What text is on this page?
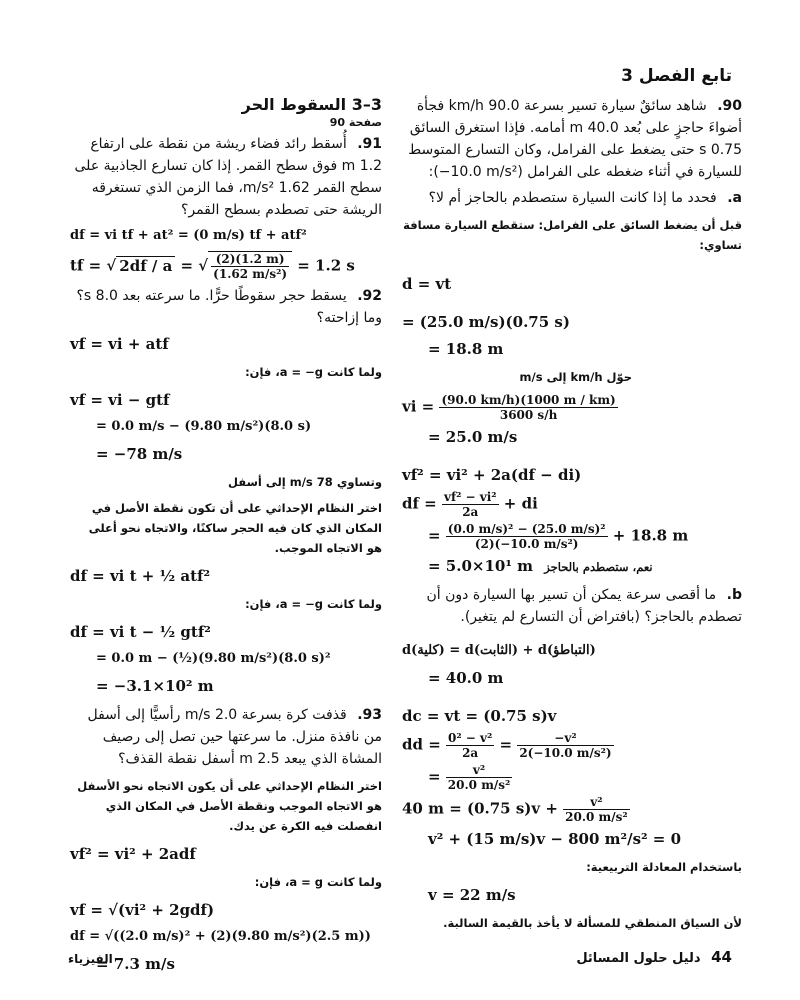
تابع الفصل 3
90. شاهد سائقٌ سيارة تسير بسرعة 90.0 km/h فجأة أضواءَ حاجزٍ على بُعد 40.0 m أمامه. فإذا استغرق السائق 0.75 s حتى يضغط على الفرامل، وكان التسارع المتوسط للسيارة في أثناء ضغطه على الفرامل ‎(−10.0 m/s²)‎:
a. فحدد ما إذا كانت السيارة ستصطدم بالحاجز أم لا؟
قبل أن يضغط السائق على الفرامل: ستقطع السيارة مسافة تساوي:
d = vt
= (25.0 m/s)(0.75 s)
= 18.8 m
حوّل km/h إلى m/s
vi = $\frac{(90.0 km/h)(1000 m / km)}{3600 s/h}$
= 25.0 m/s
vf² = vi² + 2a(df − di)
df = $\frac{\text{vf² − vi²}}{2a}$ + di
= $\frac{\text{(0.0 m/s)² − (25.0 m/s)²}}{\text{(2)(−10.0 m/s²)}} + 18.8$ m
= 5.0×10¹ m نعم، ستصطدم بالحاجز
b. ما أقصى سرعة يمكن أن تسير بها السيارة دون أن تصطدم بالحاجز؟ (بافتراض أن التسارع لم يتغير).
d(كلية) = d(الثابت) + d(التباطؤ)
= 40.0 m
dc = vt = (0.75 s)v
dd = $\frac{\text{0² − v²}}{2a} = \frac{\text{−v²}}{\text{2(−10.0 m/s²)}}$
= $\frac{\text{v²}}{\text{20.0 m/s²}}$
40 m = (0.75 $s)v + \frac{\text{v²}}{\text{20.0 m/s²}}$
v² + (15 m/s)v − 800 m²/s² = 0
باستخدام المعادلة التربيعية:
v = 22 m/s
لأن السياق المنطقي للمسألة لا يأخذ بالقيمة السالبة.
3–3 السقوط الحر
صفحة 90
91. أُسقط رائد فضاء ريشة من نقطة على ارتفاع 1.2 m فوق سطح القمر. إذا كان تسارع الجاذبية على سطح القمر 1.62 m/s²، فما الزمن الذي تستغرقه الريشة حتى تصطدم بسطح القمر؟
df = vi tf + at² = (0 m/s) tf + atf²
tf = √ 2df / a = √ $\frac{(2)(1.2 m)}{\text{(1.62 m/s²)}} = 1.2$ s
92. يسقط حجر سقوطًا حرًّا. ما سرعته بعد 8.0 s؟ وما إزاحته؟
vf = vi + atf
ولما كانت a = −g، فإن:
vf = vi − gtf
= 0.0 m/s − (9.80 m/s²)(8.0 s)
= −78 m/s
وتساوي 78 m/s إلى أسفل
اختر النظام الإحداثي على أن تكون نقطة الأصل في المكان الذي كان فيه الحجر ساكنًا، والاتجاه نحو أعلى هو الاتجاه الموجب.
df = vi t + ½ atf²
ولما كانت a = −g، فإن:
df = vi t − ½ gtf²
= 0.0 m − (½)(9.80 m/s²)(8.0 s)²
= −3.1×10² m
93. قذفت كرة بسرعة 2.0 m/s رأسيًّا إلى أسفل من نافذة منزل. ما سرعتها حين تصل إلى رصيف المشاة الذي يبعد 2.5 m أسفل نقطة القذف؟
اختر النظام الإحداثي على أن يكون الاتجاه نحو الأسفل هو الاتجاه الموجب ونقطة الأصل في المكان الذي انفصلت فيه الكرة عن يدك.
vf² = vi² + 2adf
ولما كانت a = g، فإن:
vf = √(vi² + 2gdf)
df = √((2.0 m/s)² + (2)(9.80 m/s²)(2.5 m))
= 7.3 m/s	44 دليل حلول المسائل
الفيزياء
